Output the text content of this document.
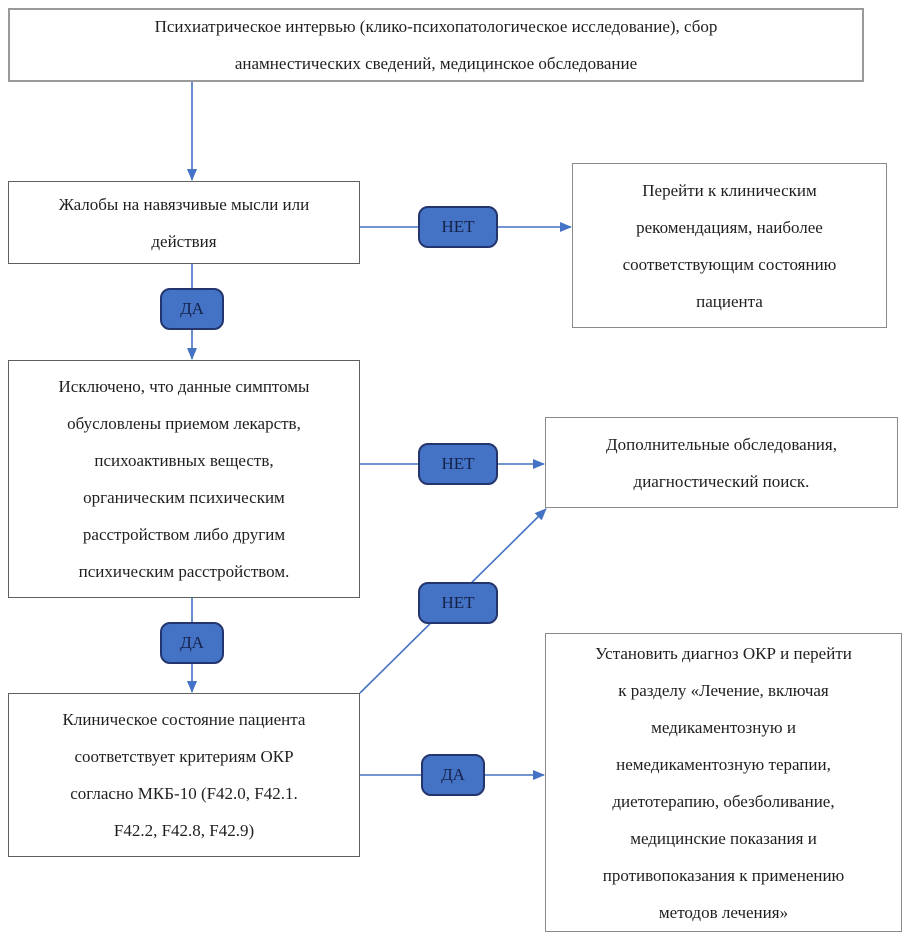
Психиатрическое интервью (клико-психопатологическое исследование), сбор
анамнестических сведений, медицинское обследование
Жалобы на навязчивые мысли или
действия
Перейти к клиническим
рекомендациям, наиболее
соответствующим состоянию
пациента
Исключено, что данные симптомы
обусловлены приемом лекарств,
психоактивных веществ,
органическим психическим
расстройством либо другим
психическим расстройством.
Дополнительные обследования,
диагностический поиск.
Клиническое состояние пациента
соответствует критериям ОКР
согласно МКБ-10 (F42.0, F42.1.
F42.2, F42.8, F42.9)
Установить диагноз ОКР и перейти
к разделу «Лечение, включая
медикаментозную и
немедикаментозную терапии,
диетотерапию, обезболивание,
медицинские показания и
противопоказания к применению
методов лечения»
НЕТ
ДА
НЕТ
НЕТ
ДА
ДА
